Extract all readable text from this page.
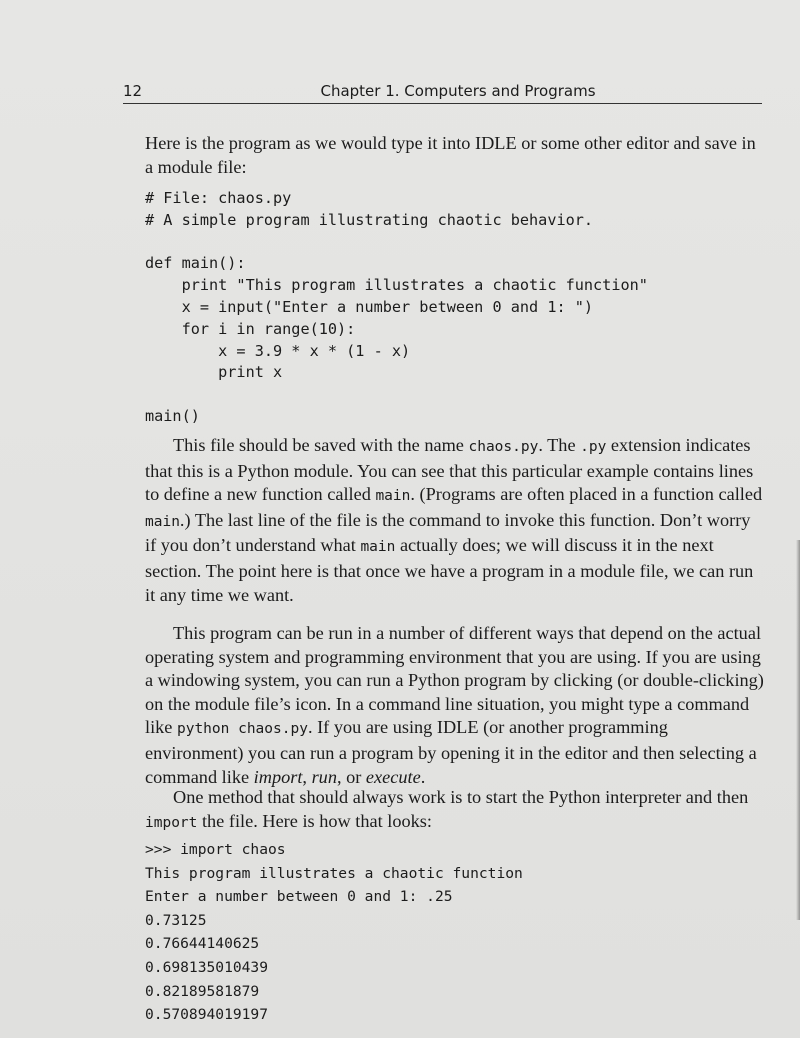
12	Chapter 1. Computers and Programs

Here is the program as we would type it into IDLE or some other editor and save in a module file:

# File: chaos.py
# A simple program illustrating chaotic behavior.

def main():
print "This program illustrates a chaotic function"
x = input("Enter a number between 0 and 1: ")
for i in range(10):
x = 3.9 * x * (1 - x)
print x

main()

This file should be saved with the name chaos.py. The .py extension indicates that this is a Python module. You can see that this particular example contains lines to define a new function called main. (Programs are often placed in a function called main.) The last line of the file is the command to invoke this function. Don’t worry if you don’t understand what main actually does; we will discuss it in the next section. The point here is that once we have a program in a module file, we can run it any time we want.

This program can be run in a number of different ways that depend on the actual operating system and programming environment that you are using. If you are using a windowing system, you can run a Python program by clicking (or double-clicking) on the module file’s icon. In a command line situation, you might type a command like python chaos.py. If you are using IDLE (or another programming environment) you can run a program by opening it in the editor and then selecting a command like import, run, or execute.

One method that should always work is to start the Python interpreter and then import the file. Here is how that looks:

>>> import chaos
This program illustrates a chaotic function
Enter a number between 0 and 1: .25
0.73125
0.76644140625
0.698135010439
0.82189581879
0.570894019197
